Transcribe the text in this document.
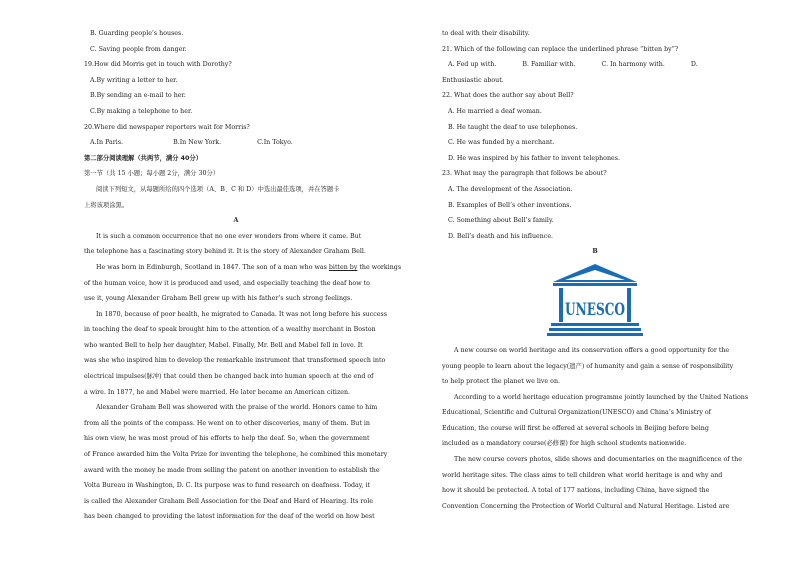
B. Guarding people’s houses.
C. Saving people from danger.
19.How did Morris get in touch with Dorothy?
A.By writing a letter to her.
B.By sending an e-mail to her.
C.By making a telephone to her.
20.Where did newspaper reporters wait for Morris?
A.In Paris.	B.In New York.	C.In Tokyo.
第二部分阅读理解（共两节，满分 40分）
第一节（共 15 小题；每小题 2分，满分 30分）
阅读下列短文，从每题所给的四个选项（A、B、C 和 D）中选出最佳选项，并在答题卡
上将该项涂黑。
A
It is such a common occurrence that no one ever wonders from where it came. But
the telephone has a fascinating story behind it. It is the story of Alexander Graham Bell.
He was born in Edinburgh, Scotland in 1847. The son of a man who was bitten by the workings
of the human voice, how it is produced and used, and especially teaching the deaf how to
use it, young Alexander Graham Bell grew up with his father’s such strong feelings.
In 1870, because of poor health, he migrated to Canada. It was not long before his success
in teaching the deaf to speak brought him to the attention of a wealthy merchant in Boston
who wanted Bell to help her daughter, Mabel. Finally, Mr. Bell and Mabel fell in love. It
was she who inspired him to develop the remarkable instrument that transformed speech into
electrical impulses(脉冲) that could then be changed back into human speech at the end of
a wire. In 1877, he and Mabel were married. He later became an American citizen.
Alexander Graham Bell was showered with the praise of the world. Honors came to him
from all the points of the compass. He went on to other discoveries, many of them. But in
his own view, he was most proud of his efforts to help the deaf. So, when the government
of France awarded him the Volta Prize for inventing the telephone, he combined this monetary
award with the money he made from selling the patent on another invention to establish the
Volta Bureau in Washington, D. C. Its purpose was to fund research on deafness. Today, it
is called the Alexander Graham Bell Association for the Deaf and Hard of Hearing. Its role
has been changed to providing the latest information for the deaf of the world on how best
to deal with their disability.
21. Which of the following can replace the underlined phrase “bitten by”?
A. Fed up with.	B. Familiar with.	C. In harmony with.	D.
Enthusiastic about.
22. What does the author say about Bell?
A. He married a deaf woman.
B. He taught the deaf to use telephones.
C. He was funded by a merchant.
D. He was inspired by his father to invent telephones.
23. What may the paragraph that follows be about?
A. The development of the Association.
B. Examples of Bell’s other inventions.
C. Something about Bell’s family.
D. Bell’s death and his influence.
B
UNESCO
A new course on world heritage and its conservation offers a good opportunity for the
young people to learn about the legacy(遗产) of humanity and gain a sense of responsibility
to help protect the planet we live on.
According to a world heritage education programme jointly launched by the United Nations
Educational, Scientific and Cultural Organization(UNESCO) and China’s Ministry of
Education, the course will first be offered at several schools in Beijing before being
included as a mandatory course(必修课) for high school students nationwide.
The new course covers photos, slide shows and documentaries on the magnificence of the
world heritage sites. The class aims to tell children what world heritage is and why and
how it should be protected. A total of 177 nations, including China, have signed the
Convention Concerning the Protection of World Cultural and Natural Heritage. Listed are
